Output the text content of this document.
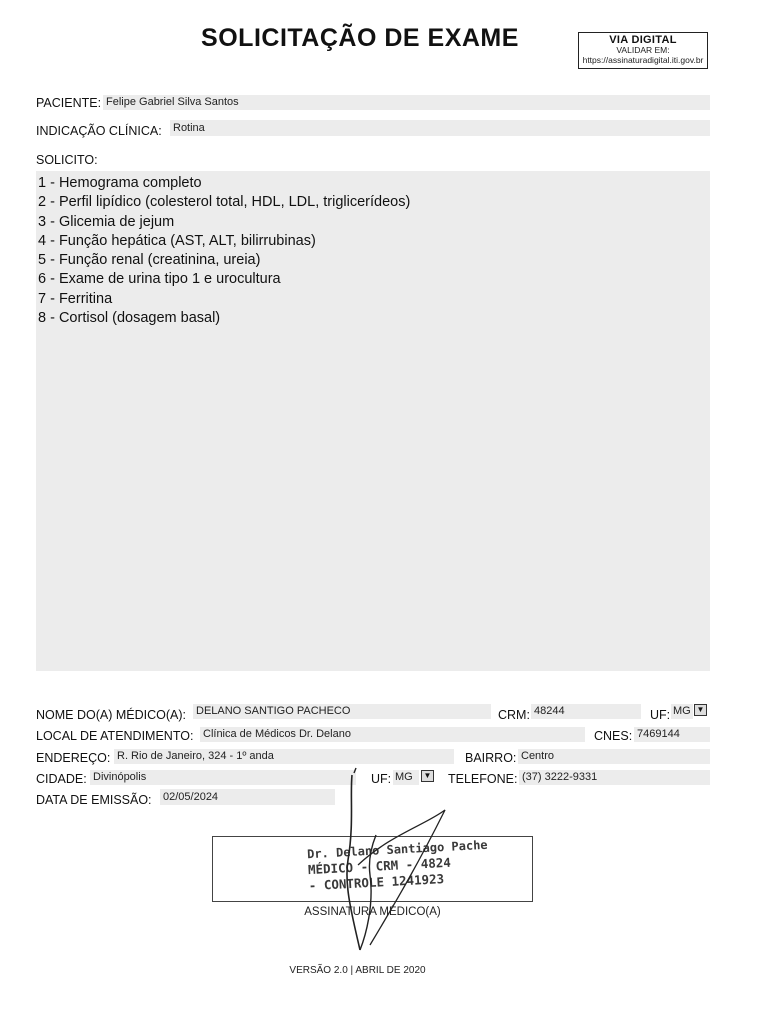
SOLICITAÇÃO DE EXAME	VIA DIGITAL
VALIDAR EM:
https://assinaturadigital.iti.gov.br
PACIENTE: Felipe Gabriel Silva Santos
INDICAÇÃO CLÍNICA: Rotina
SOLICITO:
1 - Hemograma completo
2 - Perfil lipídico (colesterol total, HDL, LDL, triglicerídeos)
3 - Glicemia de jejum
4 - Função hepática (AST, ALT, bilirrubinas)
5 - Função renal (creatinina, ureia)
6 - Exame de urina tipo 1 e urocultura
7 - Ferritina
8 - Cortisol (dosagem basal)
NOME DO(A) MÉDICO(A): DELANO SANTIGO PACHECO	CRM: 48244	UF: MG ▼
LOCAL DE ATENDIMENTO: Clínica de Médicos Dr. Delano	CNES: 7469144
ENDEREÇO: R. Rio de Janeiro, 324 - 1º anda	BAIRRO: Centro
CIDADE: Divinópolis	UF: MG	▼ TELEFONE: (37) 3222-9331
DATA DE EMISSÃO: 02/05/2024
Dr. Delano Santiago Pache
MÉDICO - CRM - 4824
- CONTROLE 1241923
ASSINATURA MÉDICO(A)
VERSÃO 2.0 | ABRIL DE 2020
